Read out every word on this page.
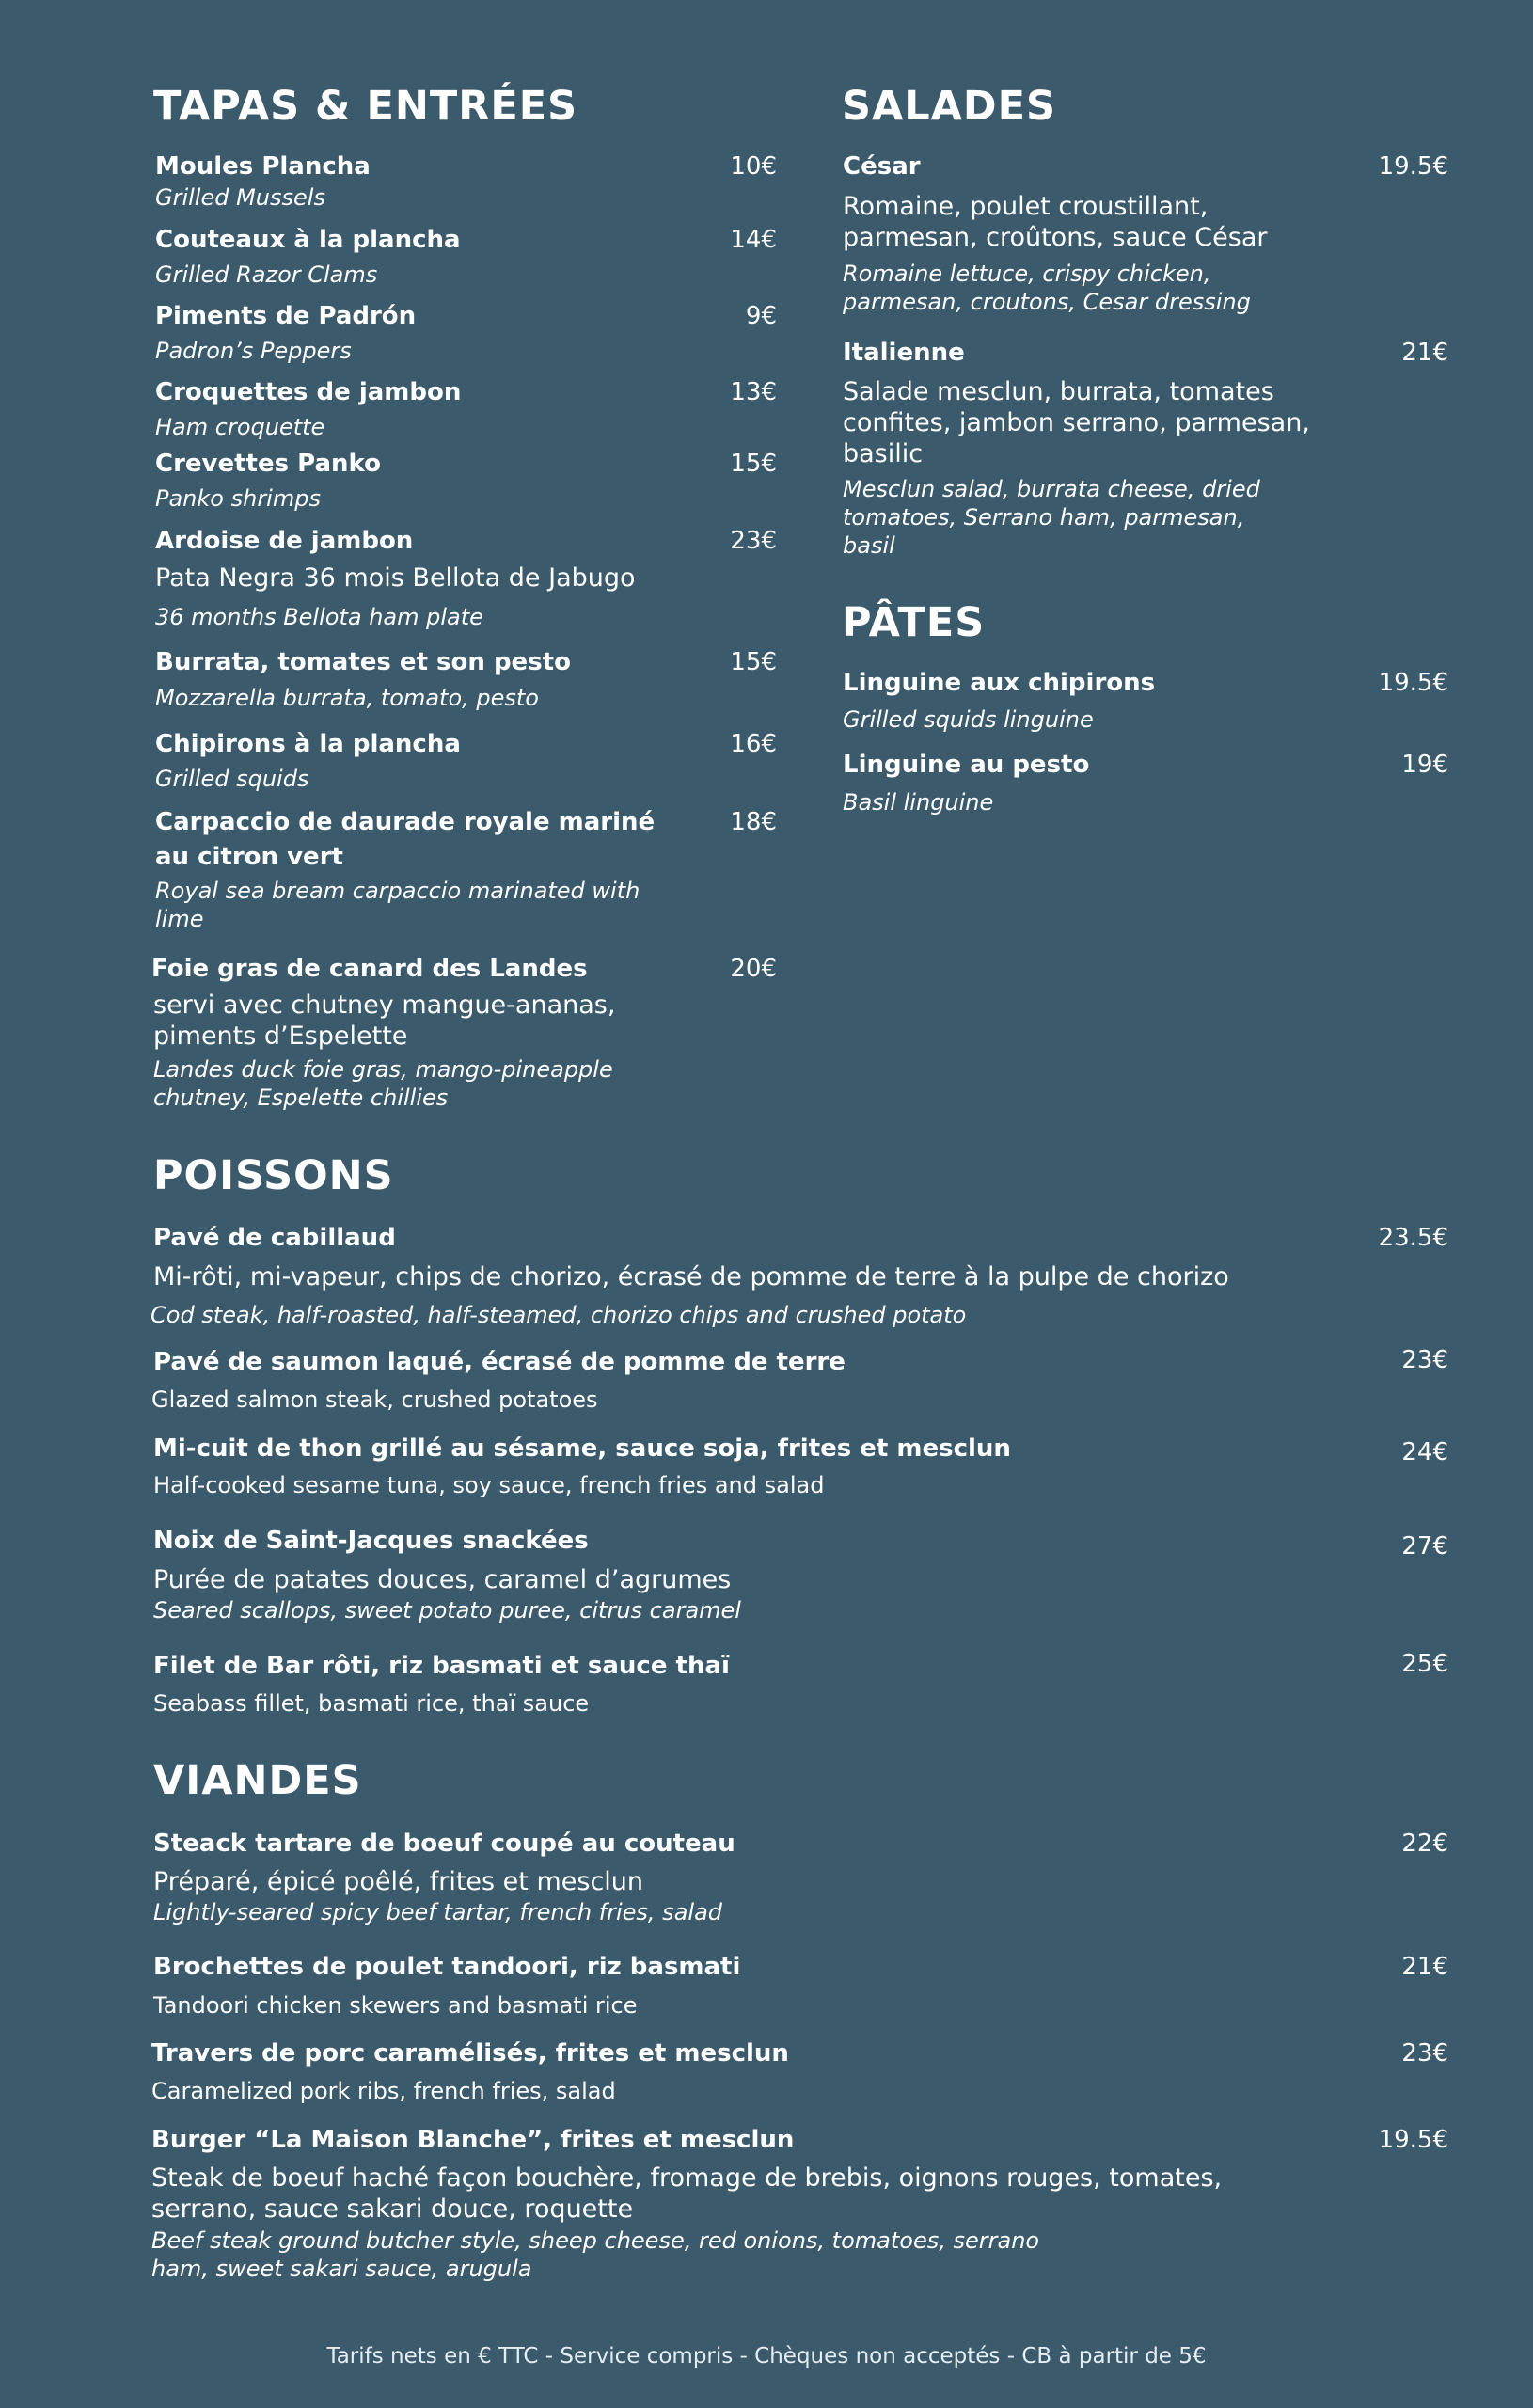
TAPAS & ENTRÉES
Moules Plancha	10€
Grilled Mussels
Couteaux à la plancha	14€
Grilled Razor Clams
Piments de Padrón	9€
Padron’s Peppers
Croquettes de jambon	13€
Ham croquette
Crevettes Panko	15€
Panko shrimps
Ardoise de jambon	23€
Pata Negra 36 mois Bellota de Jabugo
36 months Bellota ham plate
Burrata, tomates et son pesto	15€
Mozzarella burrata, tomato, pesto
Chipirons à la plancha	16€
Grilled squids
Carpaccio de daurade royale mariné au citron vert
18€
Royal sea bream carpaccio marinated with lime
Foie gras de canard des Landes	20€
servi avec chutney mangue-ananas, piments d’Espelette
Landes duck foie gras, mango-pineapple chutney, Espelette chillies
SALADES
César	19.5€
Romaine, poulet croustillant, parmesan, croûtons, sauce César
Romaine lettuce, crispy chicken, parmesan, croutons, Cesar dressing
Italienne	21€
Salade mesclun, burrata, tomates confites, jambon serrano, parmesan, basilic
Mesclun salad, burrata cheese, dried tomatoes, Serrano ham, parmesan, basil
PÂTES
Linguine aux chipirons	19.5€
Grilled squids linguine
Linguine au pesto	19€
Basil linguine
POISSONS
Pavé de cabillaud	23.5€
Mi-rôti, mi-vapeur, chips de chorizo, écrasé de pomme de terre à la pulpe de chorizo
Cod steak, half-roasted, half-steamed, chorizo chips and crushed potato
Pavé de saumon laqué, écrasé de pomme de terre	23€
Glazed salmon steak, crushed potatoes
Mi-cuit de thon grillé au sésame, sauce soja, frites et mesclun	24€
Half-cooked sesame tuna, soy sauce, french fries and salad
Noix de Saint-Jacques snackées	27€
Purée de patates douces, caramel d’agrumes
Seared scallops, sweet potato puree, citrus caramel
Filet de Bar rôti, riz basmati et sauce thaï	25€
Seabass fillet, basmati rice, thaï sauce
VIANDES
Steack tartare de boeuf coupé au couteau	22€
Préparé, épicé poêlé, frites et mesclun
Lightly-seared spicy beef tartar, french fries, salad
Brochettes de poulet tandoori, riz basmati	21€
Tandoori chicken skewers and basmati rice
Travers de porc caramélisés, frites et mesclun	23€
Caramelized pork ribs, french fries, salad
Burger “La Maison Blanche”, frites et mesclun	19.5€
Steak de boeuf haché façon bouchère, fromage de brebis, oignons rouges, tomates, serrano, sauce sakari douce, roquette
Beef steak ground butcher style, sheep cheese, red onions, tomatoes, serrano ham, sweet sakari sauce, arugula
Tarifs nets en € TTC - Service compris - Chèques non acceptés - CB à partir de 5€
